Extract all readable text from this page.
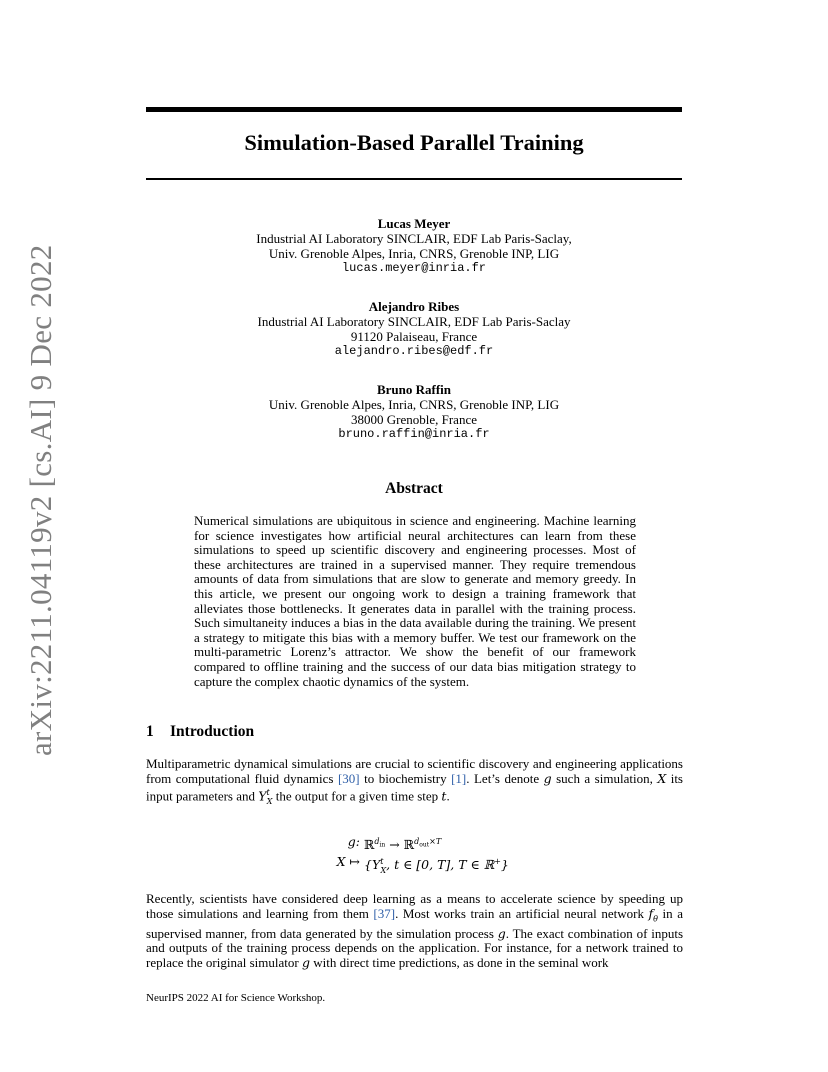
arXiv:2211.04119v2 [cs.AI] 9 Dec 2022
Simulation-Based Parallel Training
Lucas Meyer
Industrial AI Laboratory SINCLAIR, EDF Lab Paris-Saclay,
Univ. Grenoble Alpes, Inria, CNRS, Grenoble INP, LIG
lucas.meyer@inria.fr
Alejandro Ribes
Industrial AI Laboratory SINCLAIR, EDF Lab Paris-Saclay
91120 Palaiseau, France
alejandro.ribes@edf.fr
Bruno Raffin
Univ. Grenoble Alpes, Inria, CNRS, Grenoble INP, LIG
38000 Grenoble, France
bruno.raffin@inria.fr
Abstract
Numerical simulations are ubiquitous in science and engineering. Machine learning for science investigates how artificial neural architectures can learn from these simulations to speed up scientific discovery and engineering processes. Most of these architectures are trained in a supervised manner. They require tremendous amounts of data from simulations that are slow to generate and memory greedy. In this article, we present our ongoing work to design a training framework that alleviates those bottlenecks. It generates data in parallel with the training process. Such simultaneity induces a bias in the data available during the training. We present a strategy to mitigate this bias with a memory buffer. We test our framework on the multi-parametric Lorenz’s attractor. We show the benefit of our framework compared to offline training and the success of our data bias mitigation strategy to capture the complex chaotic dynamics of the system.
1 Introduction
Multiparametric dynamical simulations are crucial to scientific discovery and engineering applications from computational fluid dynamics [30] to biochemistry [1]. Let’s denote g such a simulation, X its input parameters and $Y^t_X$ the output for a given time step t.
g: ℝ$^{d_{in}}$ → ℝ$^{d_{out}\times T}$
X ↦ {$Y^t_X$, t ∈ [0, T], T ∈ ℝ+}
Recently, scientists have considered deep learning as a means to accelerate science by speeding up those simulations and learning from them [37]. Most works train an artificial neural network $f_\theta$ in a supervised manner, from data generated by the simulation process g. The exact combination of inputs and outputs of the training process depends on the application. For instance, for a network trained to replace the original simulator g with direct time predictions, as done in the seminal work
NeurIPS 2022 AI for Science Workshop.
